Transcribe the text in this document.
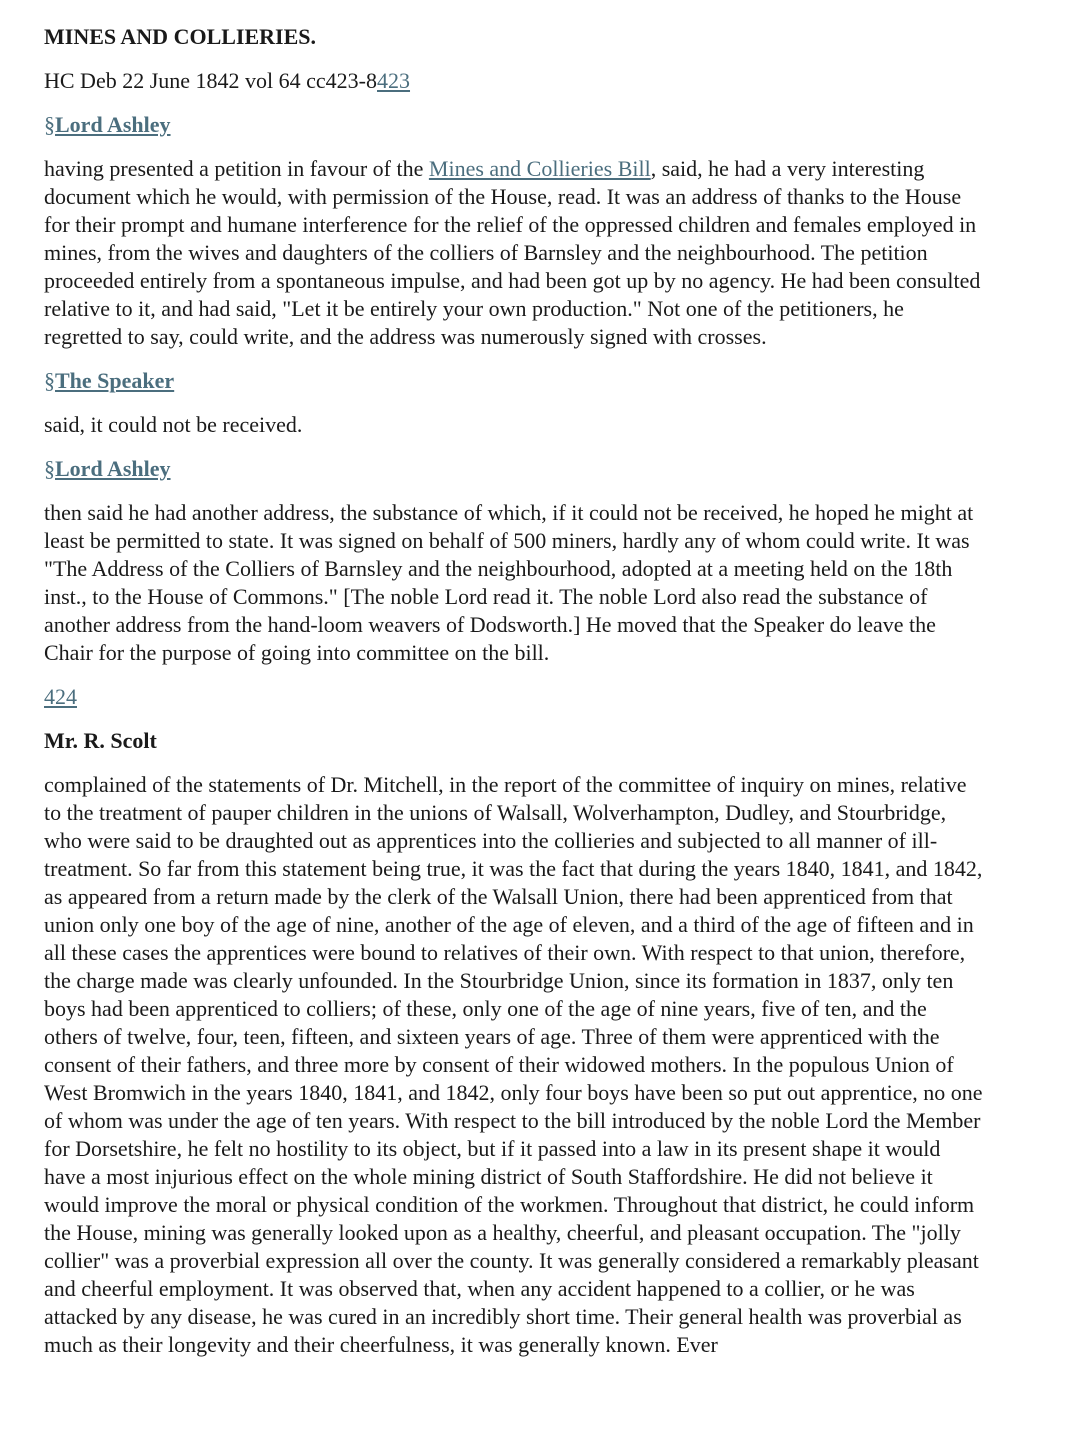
MINES AND COLLIERIES.
HC Deb 22 June 1842 vol 64 cc423-8423
§Lord Ashley
having presented a petition in favour of the Mines and Collieries Bill, said, he had a very interesting document which he would, with permission of the House, read. It was an address of thanks to the House for their prompt and humane interference for the relief of the oppressed children and females employed in mines, from the wives and daughters of the colliers of Barnsley and the neighbourhood. The petition proceeded entirely from a spontaneous impulse, and had been got up by no agency. He had been consulted relative to it, and had said, "Let it be entirely your own production." Not one of the petitioners, he regretted to say, could write, and the address was numerously signed with crosses.
§The Speaker
said, it could not be received.
§Lord Ashley
then said he had another address, the substance of which, if it could not be received, he hoped he might at least be permitted to state. It was signed on behalf of 500 miners, hardly any of whom could write. It was "The Address of the Colliers of Barnsley and the neighbourhood, adopted at a meeting held on the 18th inst., to the House of Commons." [The noble Lord read it. The noble Lord also read the substance of another address from the hand-loom weavers of Dodsworth.] He moved that the Speaker do leave the Chair for the purpose of going into committee on the bill.
424
Mr. R. Scolt
complained of the statements of Dr. Mitchell, in the report of the committee of inquiry on mines, relative to the treatment of pauper children in the unions of Walsall, Wolverhampton, Dudley, and Stourbridge, who were said to be draughted out as apprentices into the collieries and subjected to all manner of ill-treatment. So far from this statement being true, it was the fact that during the years 1840, 1841, and 1842, as appeared from a return made by the clerk of the Walsall Union, there had been apprenticed from that union only one boy of the age of nine, another of the age of eleven, and a third of the age of fifteen and in all these cases the apprentices were bound to relatives of their own. With respect to that union, therefore, the charge made was clearly unfounded. In the Stourbridge Union, since its formation in 1837, only ten boys had been apprenticed to colliers; of these, only one of the age of nine years, five of ten, and the others of twelve, four, teen, fifteen, and sixteen years of age. Three of them were apprenticed with the consent of their fathers, and three more by consent of their widowed mothers. In the populous Union of West Bromwich in the years 1840, 1841, and 1842, only four boys have been so put out apprentice, no one of whom was under the age of ten years. With respect to the bill introduced by the noble Lord the Member for Dorsetshire, he felt no hostility to its object, but if it passed into a law in its present shape it would have a most injurious effect on the whole mining district of South Staffordshire. He did not believe it would improve the moral or physical condition of the workmen. Throughout that district, he could inform the House, mining was generally looked upon as a healthy, cheerful, and pleasant occupation. The "jolly collier" was a proverbial expression all over the county. It was generally considered a remarkably pleasant and cheerful employment. It was observed that, when any accident happened to a collier, or he was attacked by any disease, he was cured in an incredibly short time. Their general health was proverbial as much as their longevity and their cheerfulness, it was generally known. Ever
